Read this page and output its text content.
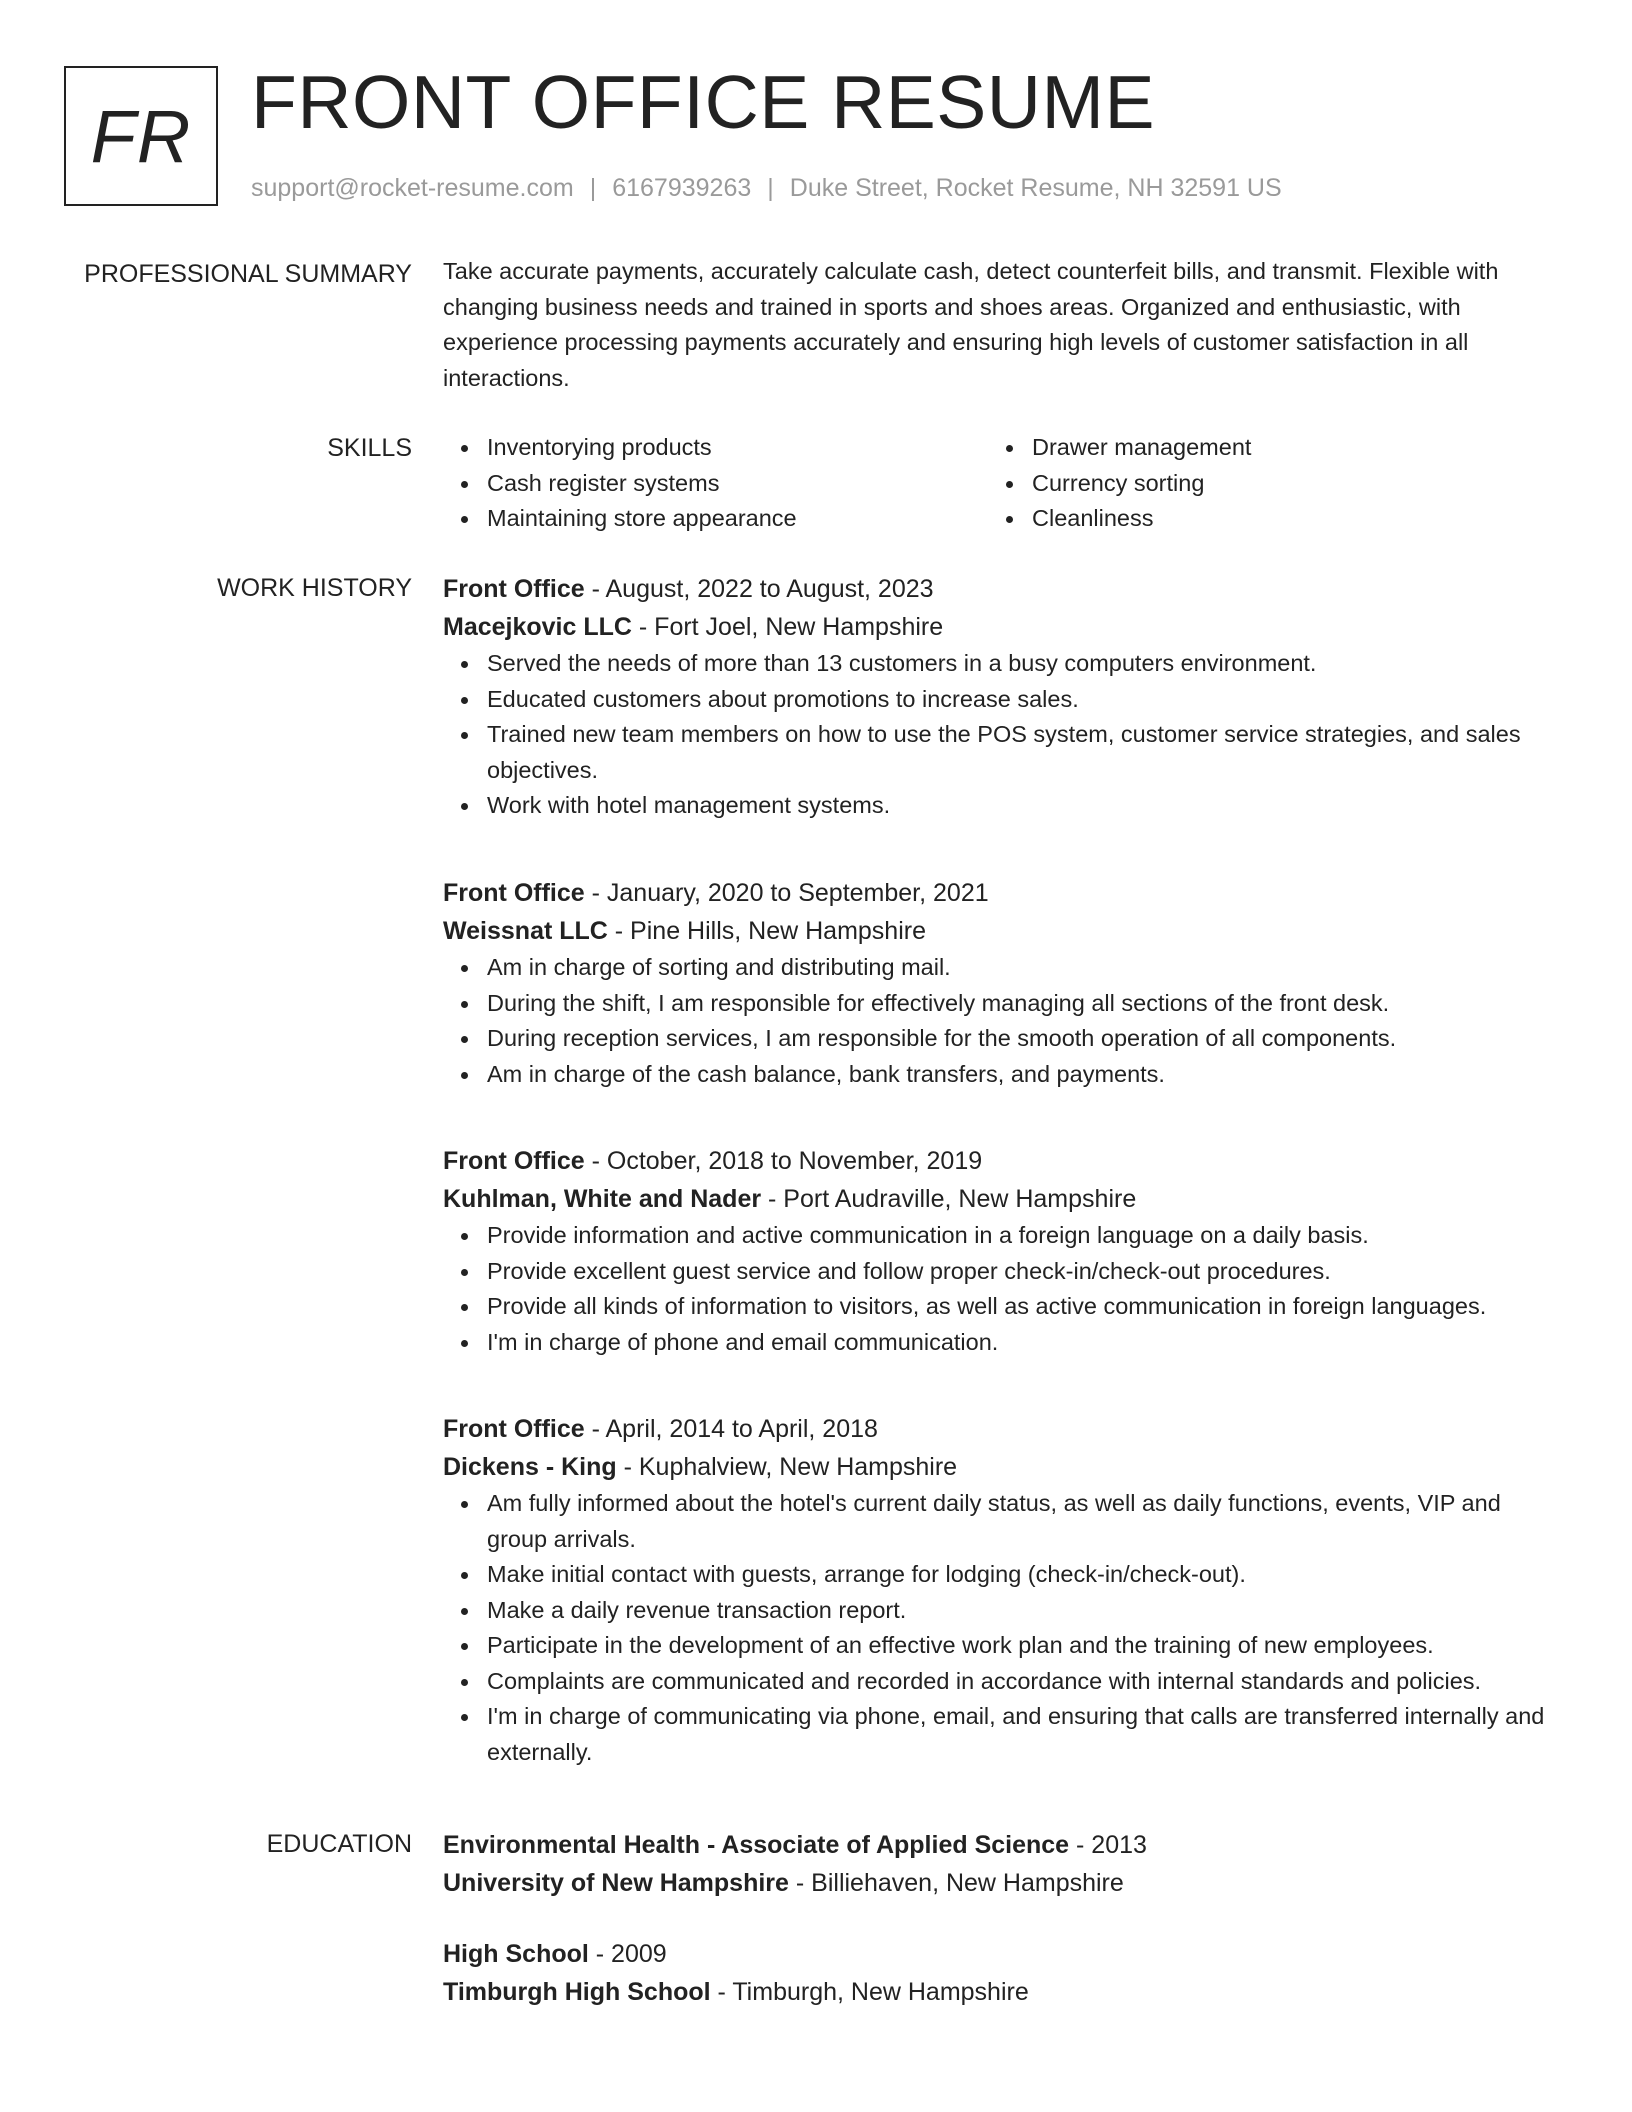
FR FRONT OFFICE RESUME
support@rocket-resume.com | 6167939263 | Duke Street, Rocket Resume, NH 32591 US
PROFESSIONAL SUMMARY Take accurate payments, accurately calculate cash, detect counterfeit bills, and transmit. Flexible with changing business needs and trained in sports and shoes areas. Organized and enthusiastic, with experience processing payments accurately and ensuring high levels of customer satisfaction in all interactions.

SKILLS	Inventorying products
Cash register systems
Maintaining store appearance
Drawer management
Currency sorting
Cleanliness
WORK HISTORY Front Office - August, 2022 to August, 2023
Macejkovic LLC - Fort Joel, New Hampshire
Served the needs of more than 13 customers in a busy computers environment.
Educated customers about promotions to increase sales.
Trained new team members on how to use the POS system, customer service strategies, and sales objectives.
Work with hotel management systems.
Front Office - January, 2020 to September, 2021
Weissnat LLC - Pine Hills, New Hampshire
Am in charge of sorting and distributing mail.
During the shift, I am responsible for effectively managing all sections of the front desk.
During reception services, I am responsible for the smooth operation of all components.
Am in charge of the cash balance, bank transfers, and payments.
Front Office - October, 2018 to November, 2019
Kuhlman, White and Nader - Port Audraville, New Hampshire
Provide information and active communication in a foreign language on a daily basis.
Provide excellent guest service and follow proper check-in/check-out procedures.
Provide all kinds of information to visitors, as well as active communication in foreign languages.
I'm in charge of phone and email communication.
Front Office - April, 2014 to April, 2018
Dickens - King - Kuphalview, New Hampshire
Am fully informed about the hotel's current daily status, as well as daily functions, events, VIP and group arrivals.
Make initial contact with guests, arrange for lodging (check-in/check-out).
Make a daily revenue transaction report.
Participate in the development of an effective work plan and the training of new employees.
Complaints are communicated and recorded in accordance with internal standards and policies.
I'm in charge of communicating via phone, email, and ensuring that calls are transferred internally and externally.
EDUCATION Environmental Health - Associate of Applied Science - 2013
University of New Hampshire - Billiehaven, New Hampshire
High School - 2009
Timburgh High School - Timburgh, New Hampshire
